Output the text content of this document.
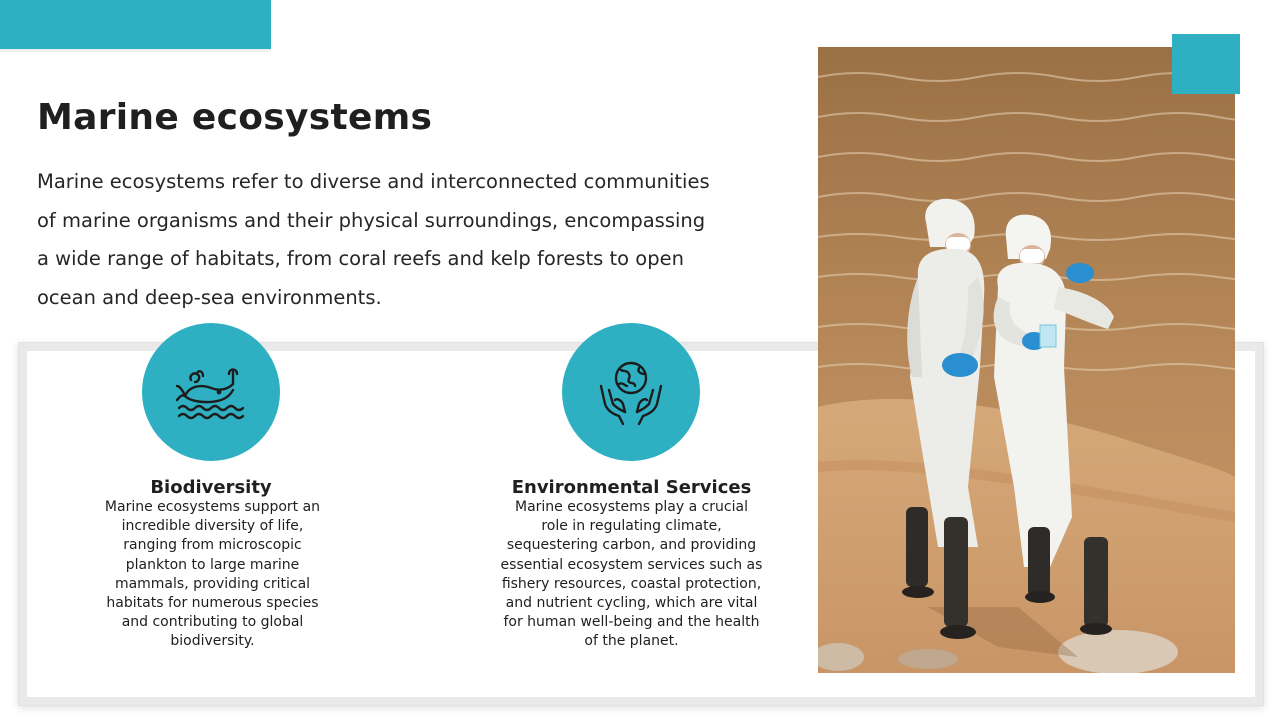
Marine ecosystems

Marine ecosystems refer to diverse and interconnected communities of marine organisms and their physical surroundings, encompassing a wide range of habitats, from coral reefs and kelp forests to open ocean and deep-sea environments.

Biodiversity

Marine ecosystems support an incredible diversity of life, ranging from microscopic plankton to large marine mammals, providing critical habitats for numerous species and contributing to global biodiversity.

Environmental Services

Marine ecosystems play a crucial role in regulating climate, sequestering carbon, and providing essential ecosystem services such as fishery resources, coastal protection, and nutrient cycling, which are vital for human well-being and the health of the planet.
